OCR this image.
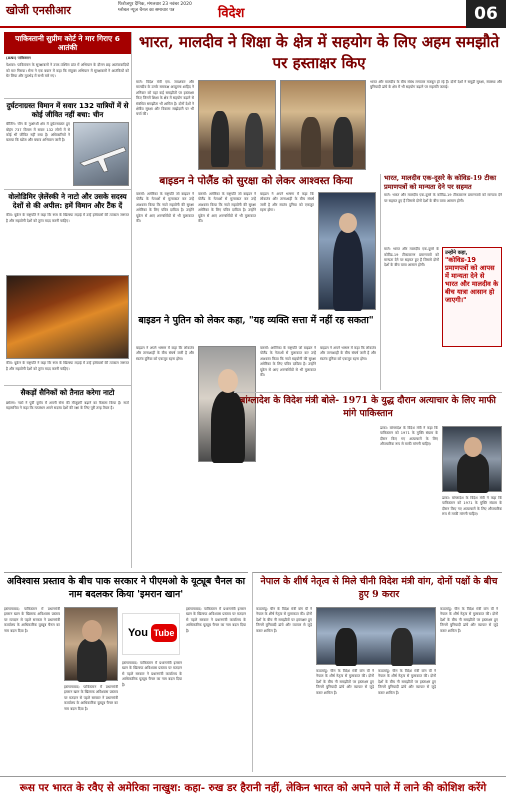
खोजी एनसीआर	फिरोजपुर दैनिक, मंगलवार 23 नवंबर 2020
ग्लोबल न्यूज़ चैनल का समाचार पत्र	विदेश	06
पाकिस्तानी सुप्रीम कोर्ट ने मार गिराए 6 आतंकी

(ANI) पाकिस्तान

पेशावर: पाकिस्तान के सुरक्षाबलों ने उत्तर-पश्चिम प्रांत में अभियान के दौरान छह आतंकवादियों को मार गिराया। सेना ने एक बयान में कहा कि संयुक्त अभियान में सुरक्षाबलों ने आतंकियों को घेर लिया और मुठभेड़ में सभी मारे गए।

दुर्घटनाग्रस्त विमान में सवार 132 यात्रियों में से कोई जीवित नहीं बचा: चीन
बीजिंग: चीन के गुआंग्शी क्षेत्र में दुर्घटनाग्रस्त हुए बोइंग 737 विमान में सवार 132 लोगों में से कोई भी जीवित नहीं बचा है। अधिकारियों ने बताया कि खोज और बचाव अभियान जारी है।
वोलोडिमिर ज़ेलेंस्की ने नाटो और उसके सदस्य देशों से की अपील: हमें विमान और टैंक दें
कीव: यूक्रेन के राष्ट्रपति ने कहा कि रूस के खिलाफ लड़ाई में उन्हें हथियारों की तत्काल जरूरत है और सहयोगी देशों को तुरंत मदद करनी चाहिए।
कीव: यूक्रेन के राष्ट्रपति ने कहा कि रूस के खिलाफ लड़ाई में उन्हें हथियारों की तत्काल जरूरत है और सहयोगी देशों को तुरंत मदद करनी चाहिए।
सैकड़ों सैनिकों को तैनात करेगा नाटो
ब्रसेल्स: नाटो ने पूर्वी यूरोप में अपनी सेना की मौजूदगी बढ़ाने का फैसला किया है। नाटो महासचिव ने कहा कि गठबंधन अपने सदस्य देशों की रक्षा के लिए पूरी तरह तैयार है।
भारत, मालदीव ने शिक्षा के क्षेत्र में सहयोग के लिए अहम समझौते पर हस्ताक्षर किए
माले: विदेश मंत्री एस. जयशंकर और मालदीव के उनके समकक्ष अब्दुल्ला शाहिद ने शनिवार को यहां कई समझौतों पर हस्ताक्षर किए जिनमें शिक्षा के क्षेत्र में सहयोग बढ़ाने से संबंधित समझौता भी शामिल है। दोनों देशों ने क्षेत्रीय सुरक्षा और विकास साझेदारी पर भी चर्चा की।
भारत और मालदीव के बीच संबंध लगातार मजबूत हो रहे हैं। दोनों देशों ने समुद्री सुरक्षा, स्वास्थ्य और बुनियादी ढांचे के क्षेत्र में भी सहयोग बढ़ाने पर सहमति जताई।
बाइडन ने पोलैंड को सुरक्षा को लेकर आश्वस्त किया	भारत, मालदीव एक-दूसरे के कोविड-19 टीका प्रमाणपत्रों को मान्यता देने पर सहमत
माले: भारत और मालदीव एक-दूसरे के कोविड-19 टीकाकरण प्रमाणपत्रों को मान्यता देने पर सहमत हुए हैं जिससे दोनों देशों के बीच यात्रा आसान होगी।
माले: भारत और मालदीव एक-दूसरे के कोविड-19 टीकाकरण प्रमाणपत्रों को मान्यता देने पर सहमत हुए हैं जिससे दोनों देशों के बीच यात्रा आसान होगी।
उन्होंने कहा,
"कोविड-19 प्रमाणपत्रों को आपस में मान्यता देने से भारत और मालदीव के बीच यात्रा आसान हो जाएगी।"
वारसॉ: अमेरिका के राष्ट्रपति जो बाइडन ने पोलैंड के नेताओं से मुलाकात कर उन्हें आश्वस्त किया कि नाटो सहयोगी की सुरक्षा अमेरिका के लिए पवित्र दायित्व है। उन्होंने यूक्रेन से आए शरणार्थियों से भी मुलाकात की।
वारसॉ: अमेरिका के राष्ट्रपति जो बाइडन ने पोलैंड के नेताओं से मुलाकात कर उन्हें आश्वस्त किया कि नाटो सहयोगी की सुरक्षा अमेरिका के लिए पवित्र दायित्व है। उन्होंने यूक्रेन से आए शरणार्थियों से भी मुलाकात की।
बाइडन ने अपने भाषण में कहा कि लोकतंत्र और तानाशाही के बीच संघर्ष जारी है और स्वतंत्र दुनिया को एकजुट रहना होगा।
बाइडन ने पुतिन को लेकर कहा, "यह व्यक्ति सत्ता में नहीं रह सकता"
बाइडन ने अपने भाषण में कहा कि लोकतंत्र और तानाशाही के बीच संघर्ष जारी है और स्वतंत्र दुनिया को एकजुट रहना होगा।
वारसॉ: अमेरिका के राष्ट्रपति जो बाइडन ने पोलैंड के नेताओं से मुलाकात कर उन्हें आश्वस्त किया कि नाटो सहयोगी की सुरक्षा अमेरिका के लिए पवित्र दायित्व है। उन्होंने यूक्रेन से आए शरणार्थियों से भी मुलाकात की।
बाइडन ने अपने भाषण में कहा कि लोकतंत्र और तानाशाही के बीच संघर्ष जारी है और स्वतंत्र दुनिया को एकजुट रहना होगा।
बांग्लादेश के विदेश मंत्री बोले- 1971 के युद्ध दौरान अत्याचार के लिए माफी मांगे पाकिस्तान
ढाका: बांग्लादेश के विदेश मंत्री ने कहा कि पाकिस्तान को 1971 के मुक्ति संग्राम के दौरान किए गए अत्याचारों के लिए औपचारिक रूप से माफी मांगनी चाहिए।
ढाका: बांग्लादेश के विदेश मंत्री ने कहा कि पाकिस्तान को 1971 के मुक्ति संग्राम के दौरान किए गए अत्याचारों के लिए औपचारिक रूप से माफी मांगनी चाहिए।
अविश्वास प्रस्ताव के बीच पाक सरकार ने पीएमओ के यूट्यूब चैनल का नाम बदलकर किया 'इमरान खान'
इस्लामाबाद: पाकिस्तान में प्रधानमंत्री इमरान खान के खिलाफ अविश्वास प्रस्ताव पर मतदान से पहले सरकार ने प्रधानमंत्री कार्यालय के आधिकारिक यूट्यूब चैनल का नाम बदल दिया है।
इस्लामाबाद: पाकिस्तान में प्रधानमंत्री इमरान खान के खिलाफ अविश्वास प्रस्ताव पर मतदान से पहले सरकार ने प्रधानमंत्री कार्यालय के आधिकारिक यूट्यूब चैनल का नाम बदल दिया है।
You Tube
इस्लामाबाद: पाकिस्तान में प्रधानमंत्री इमरान खान के खिलाफ अविश्वास प्रस्ताव पर मतदान से पहले सरकार ने प्रधानमंत्री कार्यालय के आधिकारिक यूट्यूब चैनल का नाम बदल दिया है।
इस्लामाबाद: पाकिस्तान में प्रधानमंत्री इमरान खान के खिलाफ अविश्वास प्रस्ताव पर मतदान से पहले सरकार ने प्रधानमंत्री कार्यालय के आधिकारिक यूट्यूब चैनल का नाम बदल दिया है।
नेपाल के शीर्ष नेतृत्व से मिले चीनी विदेश मंत्री वांग, दोनों पक्षों के बीच हुए 9 करार
काठमांडू: चीन के विदेश मंत्री वांग यी ने नेपाल के शीर्ष नेतृत्व से मुलाकात की। दोनों देशों के बीच नौ समझौतों पर हस्ताक्षर हुए जिनमें बुनियादी ढांचे और व्यापार से जुड़े करार शामिल हैं।
काठमांडू: चीन के विदेश मंत्री वांग यी ने नेपाल के शीर्ष नेतृत्व से मुलाकात की। दोनों देशों के बीच नौ समझौतों पर हस्ताक्षर हुए जिनमें बुनियादी ढांचे और व्यापार से जुड़े करार शामिल हैं।
काठमांडू: चीन के विदेश मंत्री वांग यी ने नेपाल के शीर्ष नेतृत्व से मुलाकात की। दोनों देशों के बीच नौ समझौतों पर हस्ताक्षर हुए जिनमें बुनियादी ढांचे और व्यापार से जुड़े करार शामिल हैं।
काठमांडू: चीन के विदेश मंत्री वांग यी ने नेपाल के शीर्ष नेतृत्व से मुलाकात की। दोनों देशों के बीच नौ समझौतों पर हस्ताक्षर हुए जिनमें बुनियादी ढांचे और व्यापार से जुड़े करार शामिल हैं।
रूस पर भारत के रवैए से अमेरिका नाखुश: कहा- रुख डर हैरानी नहीं, लेकिन भारत को अपने पाले में लाने की कोशिश करेंगे
